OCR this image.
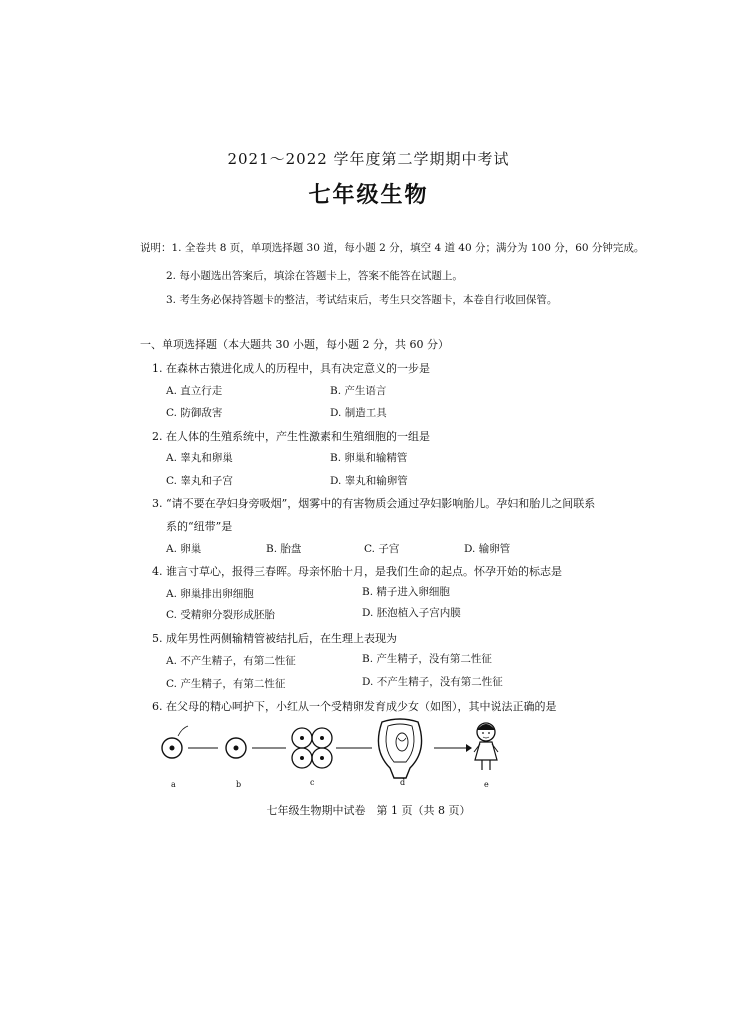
2021～2022 学年度第二学期期中考试
七年级生物
说明：1. 全卷共 8 页，单项选择题 30 道，每小题 2 分，填空 4 道 40 分；满分为 100 分，60 分钟完成。
2. 每小题选出答案后，填涂在答题卡上，答案不能答在试题上。
3. 考生务必保持答题卡的整洁，考试结束后，考生只交答题卡，本卷自行收回保管。
一、单项选择题（本大题共 30 小题，每小题 2 分，共 60 分）
1. 在森林古猿进化成人的历程中，具有决定意义的一步是
A. 直立行走	B. 产生语言
C. 防御敌害	D. 制造工具
2. 在人体的生殖系统中，产生性激素和生殖细胞的一组是
A. 睾丸和卵巢	B. 卵巢和输精管
C. 睾丸和子宫	D. 睾丸和输卵管
3. “请不要在孕妇身旁吸烟”，烟雾中的有害物质会通过孕妇影响胎儿。孕妇和胎儿之间联系
系的“纽带”是
A. 卵巢	B. 胎盘	C. 子宫	D. 输卵管
4. 谁言寸草心，报得三春晖。母亲怀胎十月，是我们生命的起点。怀孕开始的标志是
A. 卵巢排出卵细胞	B. 精子进入卵细胞
C. 受精卵分裂形成胚胎	D. 胚泡植入子宫内膜
5. 成年男性两侧输精管被结扎后，在生理上表现为
A. 不产生精子，有第二性征	B. 产生精子，没有第二性征
C. 产生精子，有第二性征	D. 不产生精子，没有第二性征
6. 在父母的精心呵护下，小红从一个受精卵发育成少女（如图），其中说法正确的是
a	b	c	d	e
七年级生物期中试卷　第 1 页（共 8 页）
